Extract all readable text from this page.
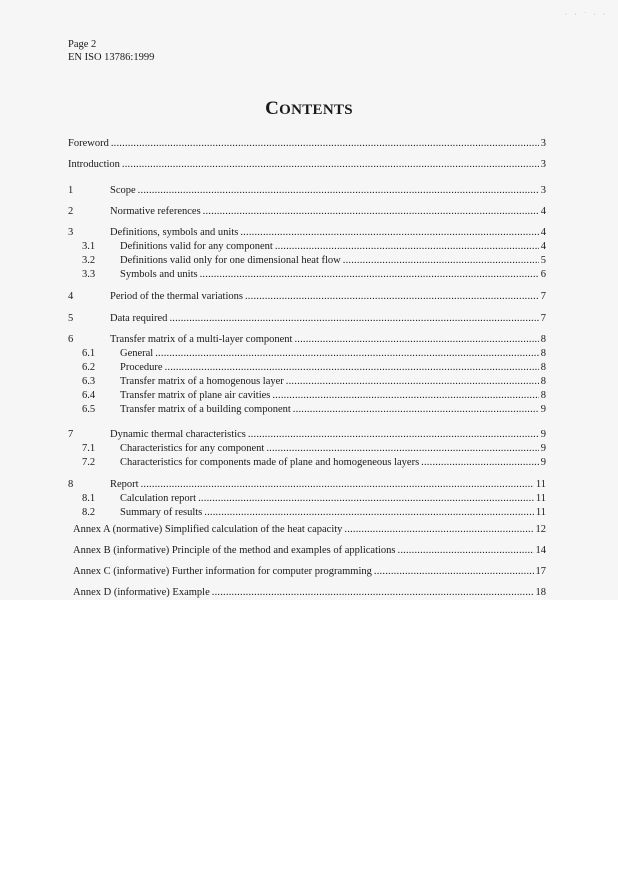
· · ˙ · ·
Page 2
EN ISO 13786:1999
CONTENTS
Foreword .....	3
Introduction .....	3
1	Scope .....	3
2	Normative references .....	4
3	Definitions, symbols and units .....	4
3.1	Definitions valid for any component .....	4
3.2	Definitions valid only for one dimensional heat flow .....	5
3.3	Symbols and units .....	6
4	Period of the thermal variations .....	7
5	Data required .....	7
6	Transfer matrix of a multi-layer component .....	8
6.1	General .....	8
6.2	Procedure .....	8
6.3	Transfer matrix of a homogenous layer .....	8
6.4	Transfer matrix of plane air cavities .....	8
6.5	Transfer matrix of a building component .....	9
7	Dynamic thermal characteristics .....	9
7.1	Characteristics for any component .....	9
7.2	Characteristics for components made of plane and homogeneous layers .....	9
8	Report .....	11
8.1	Calculation report .....	11
8.2	Summary of results .....	11
Annex A (normative) Simplified calculation of the heat capacity .....	12
Annex B (informative) Principle of the method and examples of applications .....	14
Annex C (informative) Further information for computer programming .....	17
Annex D (informative) Example .....	18
